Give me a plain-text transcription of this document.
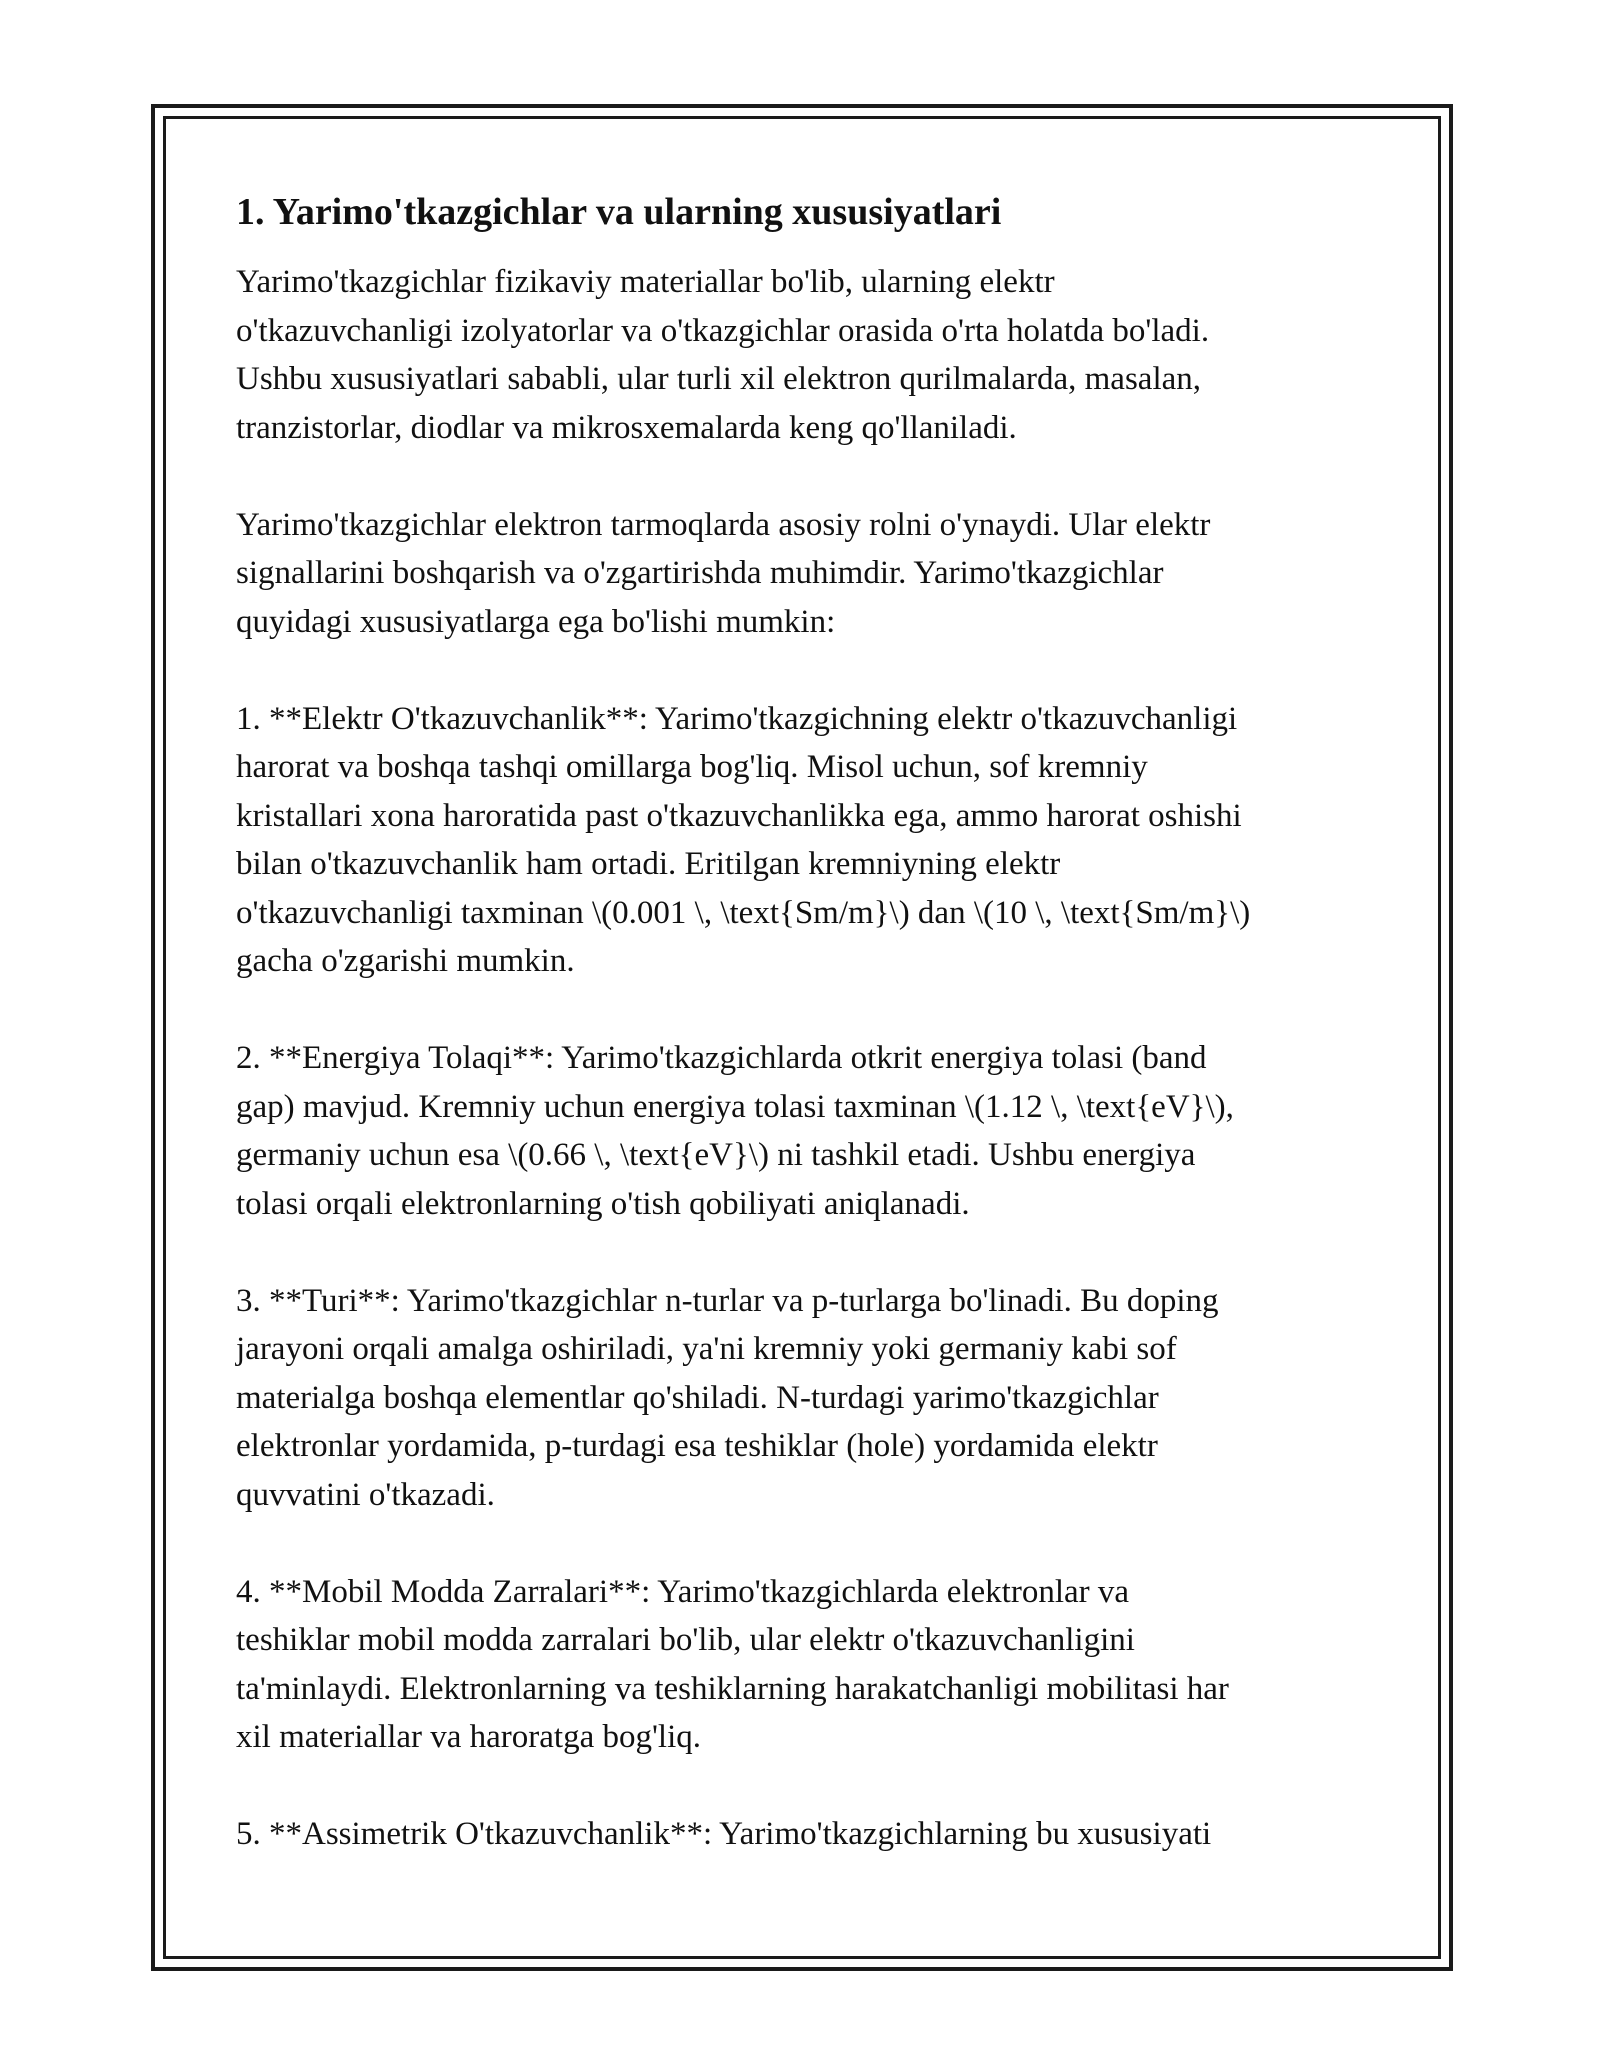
1. Yarimo'tkazgichlar va ularning xususiyatlari
Yarimo'tkazgichlar fizikaviy materiallar bo'lib, ularning elektr
o'tkazuvchanligi izolyatorlar va o'tkazgichlar orasida o'rta holatda bo'ladi.
Ushbu xususiyatlari sababli, ular turli xil elektron qurilmalarda, masalan,
tranzistorlar, diodlar va mikrosxemalarda keng qo'llaniladi.
Yarimo'tkazgichlar elektron tarmoqlarda asosiy rolni o'ynaydi. Ular elektr
signallarini boshqarish va o'zgartirishda muhimdir. Yarimo'tkazgichlar
quyidagi xususiyatlarga ega bo'lishi mumkin:
1. **Elektr O'tkazuvchanlik**: Yarimo'tkazgichning elektr o'tkazuvchanligi
harorat va boshqa tashqi omillarga bog'liq. Misol uchun, sof kremniy
kristallari xona haroratida past o'tkazuvchanlikka ega, ammo harorat oshishi
bilan o'tkazuvchanlik ham ortadi. Eritilgan kremniyning elektr
o'tkazuvchanligi taxminan \(0.001 \, \text{Sm/m}\) dan \(10 \, \text{Sm/m}\)
gacha o'zgarishi mumkin.
2. **Energiya Tolaqi**: Yarimo'tkazgichlarda otkrit energiya tolasi (band
gap) mavjud. Kremniy uchun energiya tolasi taxminan \(1.12 \, \text{eV}\),
germaniy uchun esa \(0.66 \, \text{eV}\) ni tashkil etadi. Ushbu energiya
tolasi orqali elektronlarning o'tish qobiliyati aniqlanadi.
3. **Turi**: Yarimo'tkazgichlar n-turlar va p-turlarga bo'linadi. Bu doping
jarayoni orqali amalga oshiriladi, ya'ni kremniy yoki germaniy kabi sof
materialga boshqa elementlar qo'shiladi. N-turdagi yarimo'tkazgichlar
elektronlar yordamida, p-turdagi esa teshiklar (hole) yordamida elektr
quvvatini o'tkazadi.
4. **Mobil Modda Zarralari**: Yarimo'tkazgichlarda elektronlar va
teshiklar mobil modda zarralari bo'lib, ular elektr o'tkazuvchanligini
ta'minlaydi. Elektronlarning va teshiklarning harakatchanligi mobilitasi har
xil materiallar va haroratga bog'liq.
5. **Assimetrik O'tkazuvchanlik**: Yarimo'tkazgichlarning bu xususiyati
